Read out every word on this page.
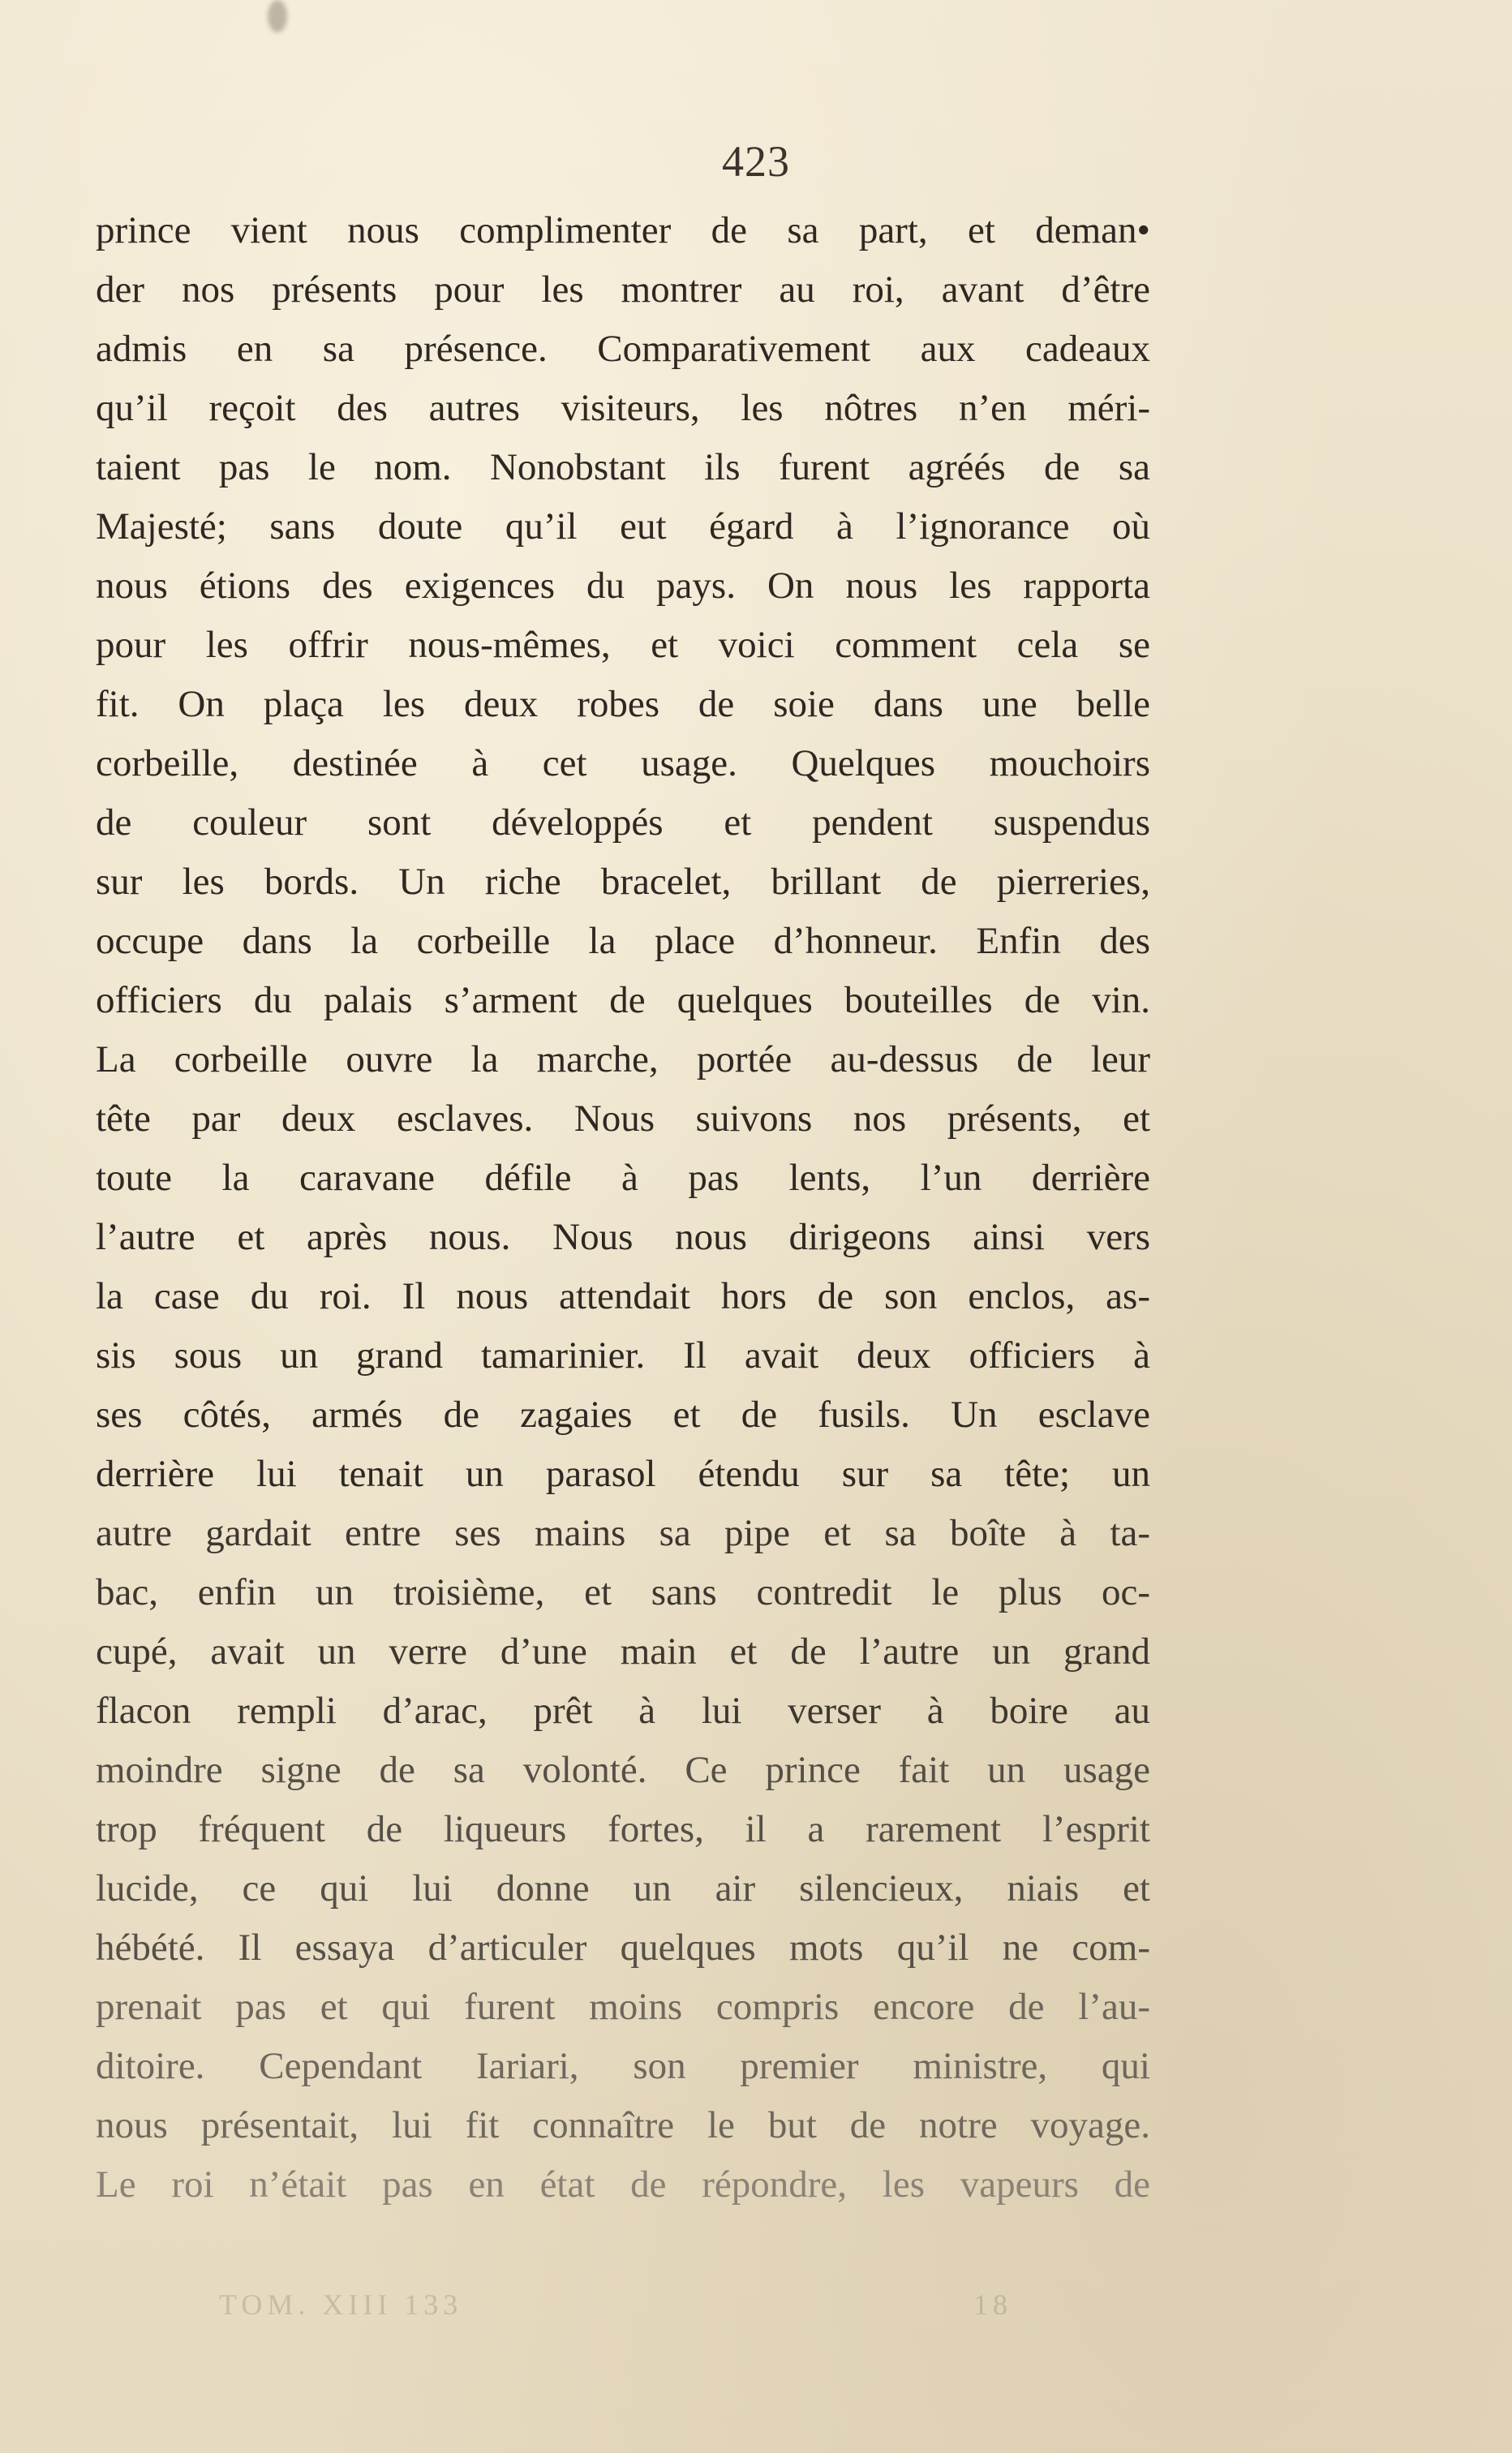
423
prince vient nous complimenter de sa part, et deman•
der nos présents pour les montrer au roi, avant d’être
admis en sa présence. Comparativement aux cadeaux
qu’il reçoit des autres visiteurs, les nôtres n’en méri-
taient pas le nom. Nonobstant ils furent agréés de sa
Majesté; sans doute qu’il eut égard à l’ignorance où
nous étions des exigences du pays. On nous les rapporta
pour les offrir nous-mêmes, et voici comment cela se
fit. On plaça les deux robes de soie dans une belle
corbeille, destinée à cet usage. Quelques mouchoirs
de couleur sont développés et pendent suspendus
sur les bords. Un riche bracelet, brillant de pierreries,
occupe dans la corbeille la place d’honneur. Enfin des
officiers du palais s’arment de quelques bouteilles de vin.
La corbeille ouvre la marche, portée au-dessus de leur
tête par deux esclaves. Nous suivons nos présents, et
toute la caravane défile à pas lents, l’un derrière
l’autre et après nous. Nous nous dirigeons ainsi vers
la case du roi. Il nous attendait hors de son enclos, as-
sis sous un grand tamarinier. Il avait deux officiers à
ses côtés, armés de zagaies et de fusils. Un esclave
derrière lui tenait un parasol étendu sur sa tête; un
autre gardait entre ses mains sa pipe et sa boîte à ta-
bac, enfin un troisième, et sans contredit le plus oc-
cupé, avait un verre d’une main et de l’autre un grand
flacon rempli d’arac, prêt à lui verser à boire au
moindre signe de sa volonté. Ce prince fait un usage
trop fréquent de liqueurs fortes, il a rarement l’esprit
lucide, ce qui lui donne un air silencieux, niais et
hébété. Il essaya d’articuler quelques mots qu’il ne com-
prenait pas et qui furent moins compris encore de l’au-
ditoire. Cependant Iariari, son premier ministre, qui
nous présentait, lui fit connaître le but de notre voyage.
Le roi n’était pas en état de répondre, les vapeurs de
TOM. XIII 133	18
